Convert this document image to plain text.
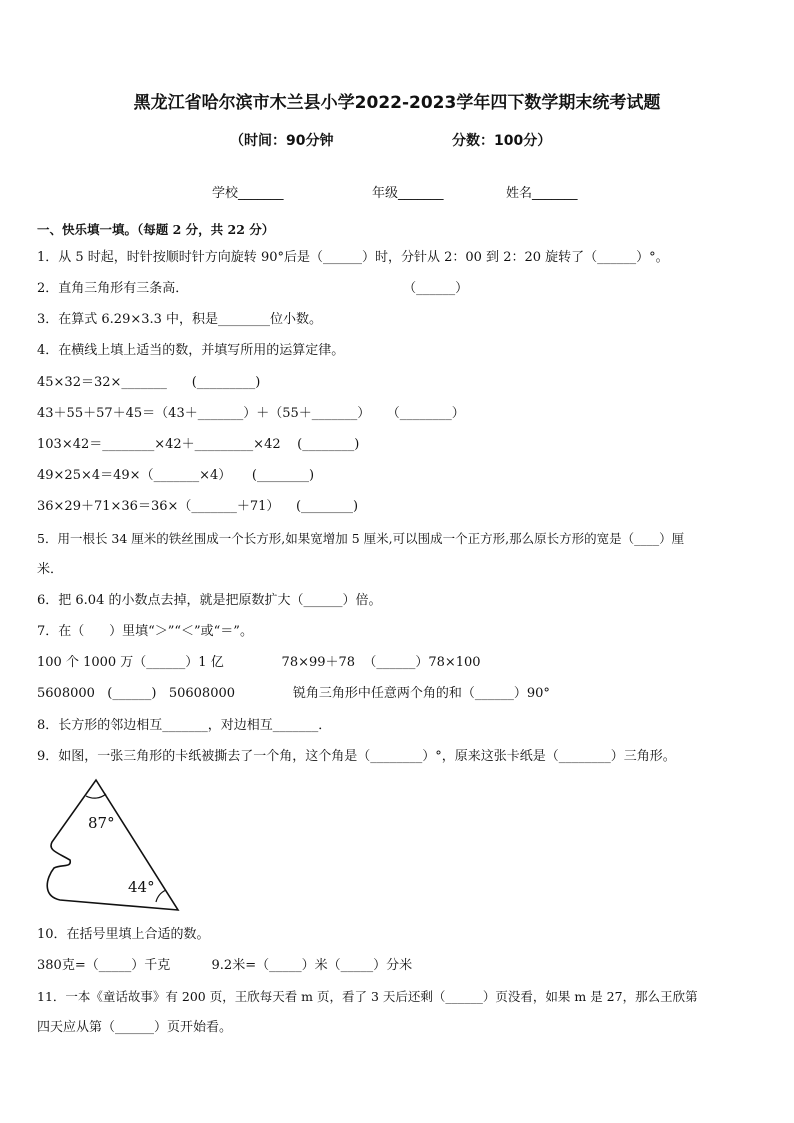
黑龙江省哈尔滨市木兰县小学2022-2023学年四下数学期末统考试题
（时间：90分钟	分数：100分）
学校_______	年级_______	姓名_______
一、快乐填一填。（每题 2 分，共 22 分）
1．从 5 时起，时针按顺时针方向旋转 90°后是（______）时，分针从 2：00 到 2：20 旋转了（______）°。
2．直角三角形有三条高．                                                    （______）
3．在算式 6.29×3.3 中，积是________位小数。
4．在横线上填上适当的数，并填写所用的运算定律。
45×32＝32×_______      (_________)
43＋55＋57＋45＝（43＋_______）＋（55＋_______）    （________）
103×42＝________×42＋_________×42    (________)
49×25×4＝49×（_______×4）     (________)
36×29＋71×36＝36×（_______＋71）    (________)
5．用一根长 34 厘米的铁丝围成一个长方形,如果宽增加 5 厘米,可以围成一个正方形,那么原长方形的宽是（____）厘
米．
6．把 6.04 的小数点去掉，就是把原数扩大（______）倍。
7．在（      ）里填“＞”“＜”或“＝”。
100 个 1000 万（______）1 亿              78×99＋78  （______）78×100
5608000   (______)   50608000              锐角三角形中任意两个角的和（______）90°
8．长方形的邻边相互_______，对边相互_______．
9．如图，一张三角形的卡纸被撕去了一个角，这个角是（________）°，原来这张卡纸是（________）三角形。
87°
44°
10．在括号里填上合适的数。
380克=（_____）千克          9.2米=（_____）米（_____）分米
11．一本《童话故事》有 200 页，王欣每天看 m 页，看了 3 天后还剩（______）页没看，如果 m 是 27，那么王欣第
四天应从第（______）页开始看。
